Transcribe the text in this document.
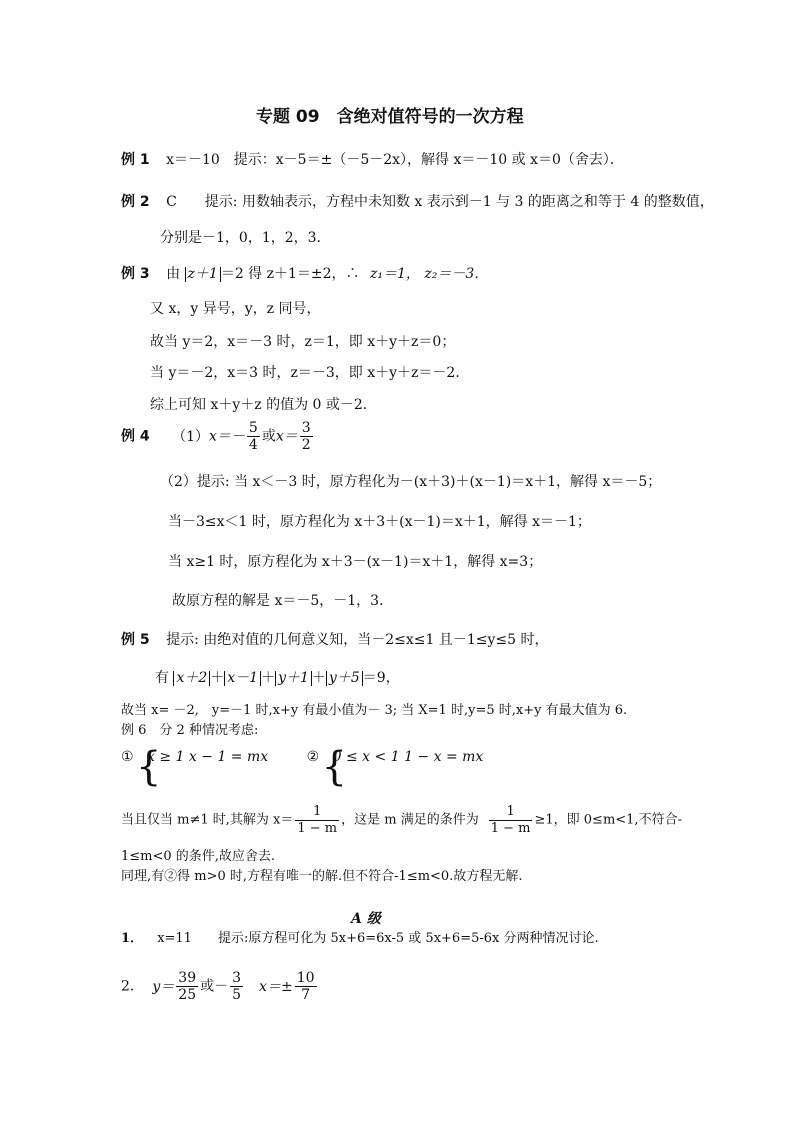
专题 09　含绝对值符号的一次方程
例 1 x＝－10　提示：x－5＝±（－5－2x），解得 x＝－10 或 x＝0（舍去）．
例 2 C　　提示: 用数轴表示，方程中未知数 x 表示到－1 与 3 的距离之和等于 4 的整数值，
分别是－1，0，1，2，3．
例 3 由 z＋1 ＝2 得 z＋1＝±2，∴ z₁＝1， z₂＝－3．
又 x，y 异号，y，z 同号，
故当 y＝2，x＝－3 时，z＝1，即 x＋y＋z＝0；
当 y＝－2，x＝3 时，z＝－3，即 x＋y＋z＝－2．
综上可知 x＋y＋z 的值为 0 或－2．
例 4 $(1)x=- \frac{5}{4}$ 或$x= \frac{3}{2}$
（2）提示: 当 x＜－3 时，原方程化为－(x＋3)＋(x－1)＝x＋1，解得 x＝－5；
当－3≤x＜1 时，原方程化为 x＋3＋(x－1)＝x＋1，解得 x＝－1；
当 x≥1 时，原方程化为 x＋3－(x－1)＝x＋1，解得 x=3；
故原方程的解是 x＝－5，－1，3．
例 5 提示: 由绝对值的几何意义知，当－2≤x≤1 且－1≤y≤5 时，
有 x＋2 ＋ x－1 ＋ y＋1 ＋ y＋5 ＝9，
故当 x= －2,　y=－1 时,x+y 有最小值为－ 3; 当 X=1 时,y=5 时,x+y 有最大值为 6.
例 6　分 2 种情况考虑:
① { x ≥ 1 x − 1 = mx	② { 0 ≤ x < 1 1 − x = mx
当且仅当 m≠1 时,其解为 $x= \frac{1}{1 - m}$ ，这是 m 满足的条件为 $\frac{1}{1 - m} \ge 1$，即 0≤m<1,不符合-
1≤m<0 的条件,故应舍去.
同理,有②得 m>0 时,方程有唯一的解.但不符合-1≤m<0.故方程无解.
A 级
1． x=11　　提示:原方程可化为 5x+6=6x-5 或 5x+6=5-6x 分两种情况讨论.
2． $y= \frac{39}{25}$ 或－ $\frac{3}{5} x=\pm \frac{10}{7}$
